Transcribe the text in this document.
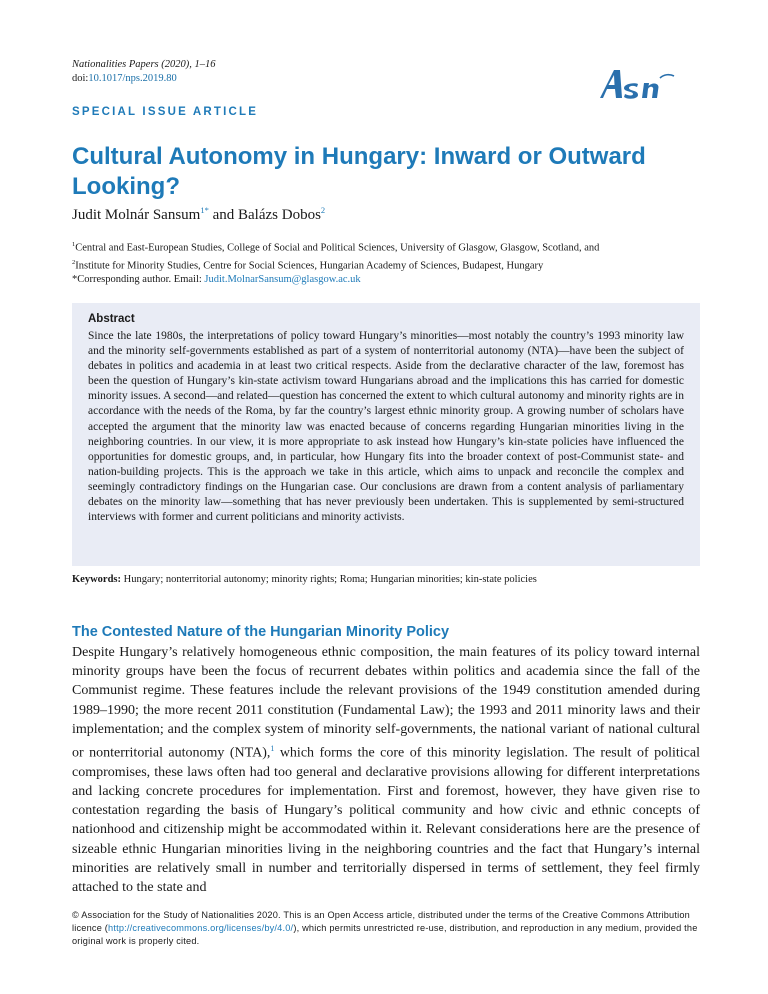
Nationalities Papers (2020), 1–16
doi:10.1017/nps.2019.80
SPECIAL ISSUE ARTICLE
Cultural Autonomy in Hungary: Inward or Outward Looking?
Judit Molnár Sansum$^{1*}$ and Balázs Dobos$^2$
$^1$Central and East-European Studies, College of Social and Political Sciences, University of Glasgow, Glasgow, Scotland, and
$^2$Institute for Minority Studies, Centre for Social Sciences, Hungarian Academy of Sciences, Budapest, Hungary
*Corresponding author. Email: Judit.MolnarSansum@glasgow.ac.uk
Abstract

Since the late 1980s, the interpretations of policy toward Hungary’s minorities—most notably the country’s 1993 minority law and the minority self-governments established as part of a system of nonterritorial autonomy (NTA)—have been the subject of debates in politics and academia in at least two critical respects. Aside from the declarative character of the law, foremost has been the question of Hungary’s kin-state activism toward Hungarians abroad and the implications this has carried for domestic minority issues. A second—and related—question has concerned the extent to which cultural autonomy and minority rights are in accordance with the needs of the Roma, by far the country’s largest ethnic minority group. A growing number of scholars have accepted the argument that the minority law was enacted because of concerns regarding Hungarian minorities living in the neighboring countries. In our view, it is more appropriate to ask instead how Hungary’s kin-state policies have influenced the opportunities for domestic groups, and, in particular, how Hungary fits into the broader context of post-Communist state- and nation-building projects. This is the approach we take in this article, which aims to unpack and reconcile the complex and seemingly contradictory findings on the Hungarian case. Our conclusions are drawn from a content analysis of parliamentary debates on the minority law—something that has never previously been undertaken. This is supplemented by semi-structured interviews with former and current politicians and minority activists.

Keywords: Hungary; nonterritorial autonomy; minority rights; Roma; Hungarian minorities; kin-state policies
The Contested Nature of the Hungarian Minority Policy

Despite Hungary’s relatively homogeneous ethnic composition, the main features of its policy toward internal minority groups have been the focus of recurrent debates within politics and academia since the fall of the Communist regime. These features include the relevant provisions of the 1949 constitution amended during 1989–1990; the more recent 2011 constitution (Fundamental Law); the 1993 and 2011 minority laws and their implementation; and the complex system of minority self-governments, the national variant of national cultural or nonterritorial autonomy (NTA),$^1$ which forms the core of this minority legislation. The result of political compromises, these laws often had too general and declarative provisions allowing for different interpretations and lacking concrete procedures for implementation. First and foremost, however, they have given rise to contestation regarding the basis of Hungary’s political community and how civic and ethnic concepts of nationhood and citizenship might be accommodated within it. Relevant considerations here are the presence of sizeable ethnic Hungarian minorities living in the neighboring countries and the fact that Hungary’s internal minorities are relatively small in number and territorially dispersed in terms of settlement, they feel firmly attached to the state and

© Association for the Study of Nationalities 2020. This is an Open Access article, distributed under the terms of the Creative Commons Attribution licence (http://creativecommons.org/licenses/by/4.0/), which permits unrestricted re-use, distribution, and reproduction in any medium, provided the original work is properly cited.
